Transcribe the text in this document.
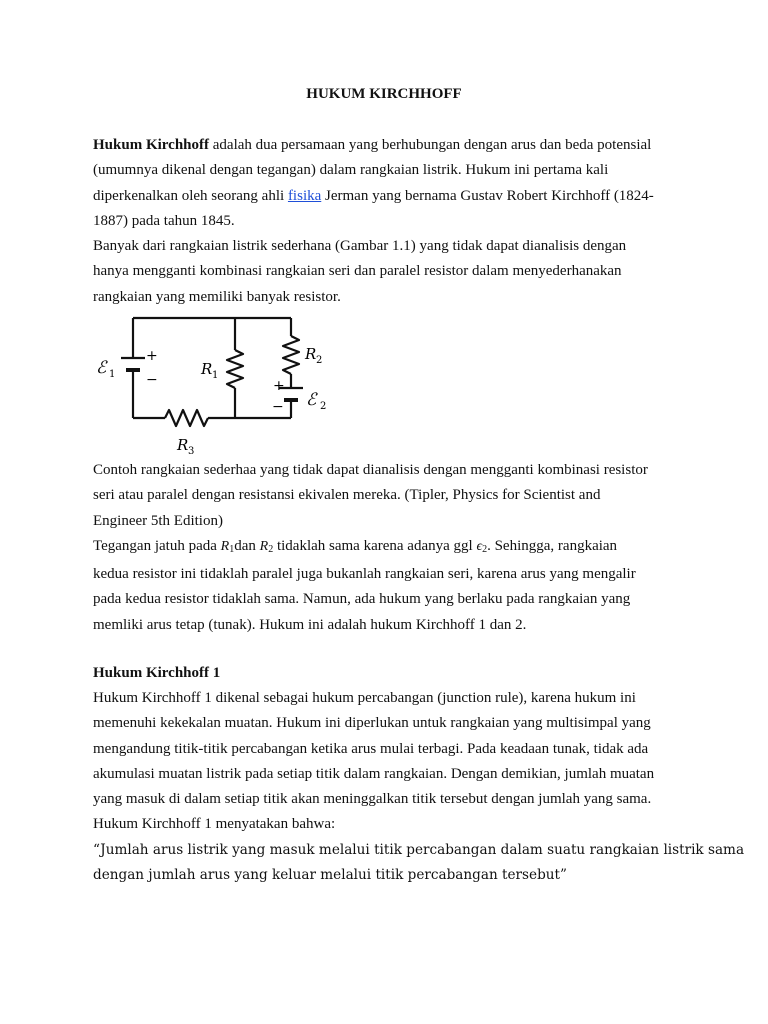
HUKUM KIRCHHOFF

Hukum Kirchhoff adalah dua persamaan yang berhubungan dengan arus dan beda potensial
(umumnya dikenal dengan tegangan) dalam rangkaian listrik. Hukum ini pertama kali
diperkenalkan oleh seorang ahli fisika Jerman yang bernama Gustav Robert Kirchhoff (1824-
1887) pada tahun 1845.
Banyak dari rangkaian listrik sederhana (Gambar 1.1) yang tidak dapat dianalisis dengan
hanya mengganti kombinasi rangkaian seri dan paralel resistor dalam menyederhanakan
rangkaian yang memiliki banyak resistor.

+
−	+
−
ℰ 1
ℰ 2
R 1
R 2
R 3

Contoh rangkaian sederhaa yang tidak dapat dianalisis dengan mengganti kombinasi resistor
seri atau paralel dengan resistansi ekivalen mereka. (Tipler, Physics for Scientist and
Engineer 5th Edition)
Tegangan jatuh pada $R_1dan$ $R_2$ tidaklah sama karena adanya ggl $\epsilon_2$. Sehingga, rangkaian
kedua resistor ini tidaklah paralel juga bukanlah rangkaian seri, karena arus yang mengalir
pada kedua resistor tidaklah sama. Namun, ada hukum yang berlaku pada rangkaian yang
memliki arus tetap (tunak). Hukum ini adalah hukum Kirchhoff 1 dan 2.

Hukum Kirchhoff 1

Hukum Kirchhoff 1 dikenal sebagai hukum percabangan (junction rule), karena hukum ini
memenuhi kekekalan muatan. Hukum ini diperlukan untuk rangkaian yang multisimpal yang
mengandung titik-titik percabangan ketika arus mulai terbagi. Pada keadaan tunak, tidak ada
akumulasi muatan listrik pada setiap titik dalam rangkaian. Dengan demikian, jumlah muatan
yang masuk di dalam setiap titik akan meninggalkan titik tersebut dengan jumlah yang sama.
Hukum Kirchhoff 1 menyatakan bahwa:
“Jumlah arus listrik yang masuk melalui titik percabangan dalam suatu rangkaian listrik sama
dengan jumlah arus yang keluar melalui titik percabangan tersebut”
